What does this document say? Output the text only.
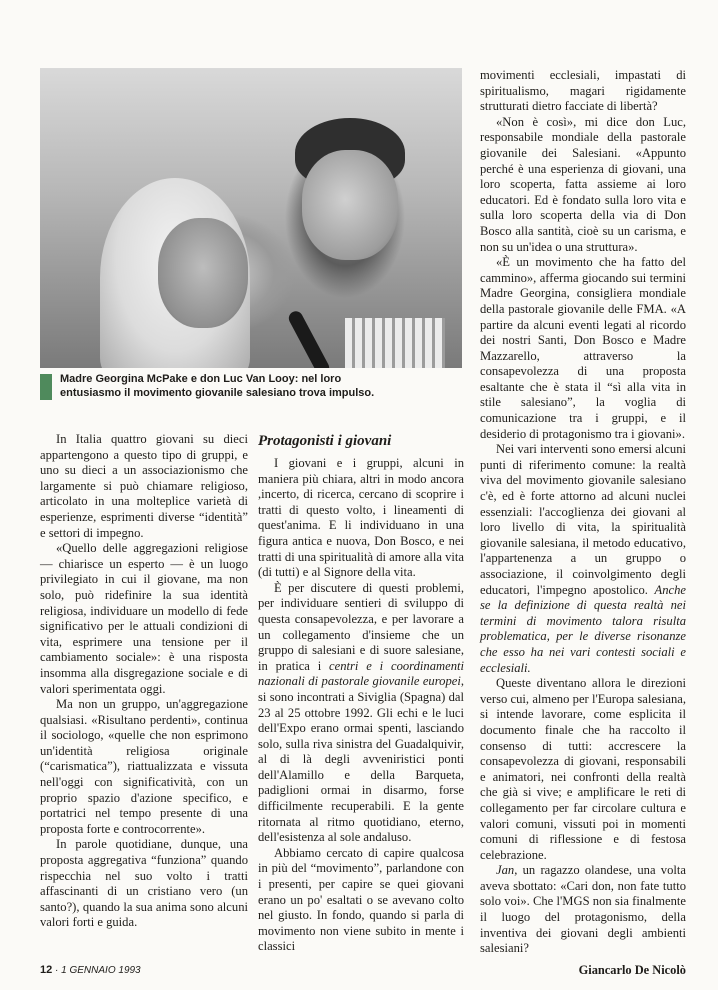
Madre Georgina McPake e don Luc Van Looy: nel loro entusiasmo il movimento giovanile salesiano trova impulso.

In Italia quattro giovani su dieci appartengono a questo tipo di gruppi, e uno su dieci a un associazionismo che largamente si può chiamare religioso, articolato in una molteplice varietà di esperienze, esprimenti diverse “identità” e settori di impegno.

«Quello delle aggregazioni religiose — chiarisce un esperto — è un luogo privilegiato in cui il giovane, ma non solo, può ridefinire la sua identità religiosa, individuare un modello di fede significativo per le attuali condizioni di vita, esprimere una tensione per il cambiamento sociale»: è una risposta insomma alla disgregazione sociale e di valori sperimentata oggi.

Ma non un gruppo, un'aggregazione qualsiasi. «Risultano perdenti», continua il sociologo, «quelle che non esprimono un'identità religiosa originale (“carismatica”), riattualizzata e vissuta nell'oggi con significatività, con un proprio spazio d'azione specifico, e portatrici nel tempo presente di una proposta forte e controcorrente».

In parole quotidiane, dunque, una proposta aggregativa “funziona” quando rispecchia nel suo volto i tratti affascinanti di un cristiano vero (un santo?), quando la sua anima sono alcuni valori forti e guida.

Protagonisti i giovani

I giovani e i gruppi, alcuni in maniera più chiara, altri in modo ancora ,incerto, di ricerca, cercano di scoprire i tratti di questo volto, i lineamenti di quest'anima. E li individuano in una figura antica e nuova, Don Bosco, e nei tratti di una spiritualità di amore alla vita (di tutti) e al Signore della vita.

È per discutere di questi problemi, per individuare sentieri di sviluppo di questa consapevolezza, e per lavorare a un collegamento d'insieme che un gruppo di salesiani e di suore salesiane, in pratica i centri e i coordinamenti nazionali di pastorale giovanile europei, si sono incontrati a Siviglia (Spagna) dal 23 al 25 ottobre 1992. Gli echi e le luci dell'Expo erano ormai spenti, lasciando solo, sulla riva sinistra del Guadalquivir, al di là degli avveniristici ponti dell'Alamillo e della Barqueta, padiglioni ormai in disarmo, forse difficilmente recuperabili. E la gente ritornata al ritmo quotidiano, eterno, dell'esistenza al sole andaluso.

Abbiamo cercato di capire qualcosa in più del “movimento”, parlandone con i presenti, per capire se quei giovani erano un po' esaltati o se avevano colto nel giusto. In fondo, quando si parla di movimento non viene subito in mente i classici

movimenti ecclesiali, impastati di spiritualismo, magari rigidamente strutturati dietro facciate di libertà?

«Non è così», mi dice don Luc, responsabile mondiale della pastorale giovanile dei Salesiani. «Appunto perché è una esperienza di giovani, una loro scoperta, fatta assieme ai loro educatori. Ed è fondato sulla loro vita e sulla loro scoperta della via di Don Bosco alla santità, cioè su un carisma, e non su un'idea o una struttura».

«È un movimento che ha fatto del cammino», afferma giocando sui termini Madre Georgina, consigliera mondiale della pastorale giovanile delle FMA. «A partire da alcuni eventi legati al ricordo dei nostri Santi, Don Bosco e Madre Mazzarello, attraverso la consapevolezza di una proposta esaltante che è stata il “sì alla vita in stile salesiano”, la voglia di comunicazione tra i gruppi, e il desiderio di protagonismo tra i giovani».

Nei vari interventi sono emersi alcuni punti di riferimento comune: la realtà viva del movimento giovanile salesiano c'è, ed è forte attorno ad alcuni nuclei essenziali: l'accoglienza dei giovani al loro livello di vita, la spiritualità giovanile salesiana, il metodo educativo, l'appartenenza a un gruppo o associazione, il coinvolgimento degli educatori, l'impegno apostolico. Anche se la definizione di questa realtà nei termini di movimento talora risulta problematica, per le diverse risonanze che esso ha nei vari contesti sociali e ecclesiali.

Queste diventano allora le direzioni verso cui, almeno per l'Europa salesiana, si intende lavorare, come esplicita il documento finale che ha raccolto il consenso di tutti: accrescere la consapevolezza di giovani, responsabili e animatori, nei confronti della realtà che già si vive; e amplificare le reti di collegamento per far circolare cultura e valori comuni, vissuti poi in momenti comuni di riflessione e di festosa celebrazione.

Jan, un ragazzo olandese, una volta aveva sbottato: «Cari don, non fate tutto solo voi». Che l'MGS non sia finalmente il luogo del protagonismo, della inventiva dei giovani degli ambienti salesiani?

Giancarlo De Nicolò
12 · 1 GENNAIO 1993
